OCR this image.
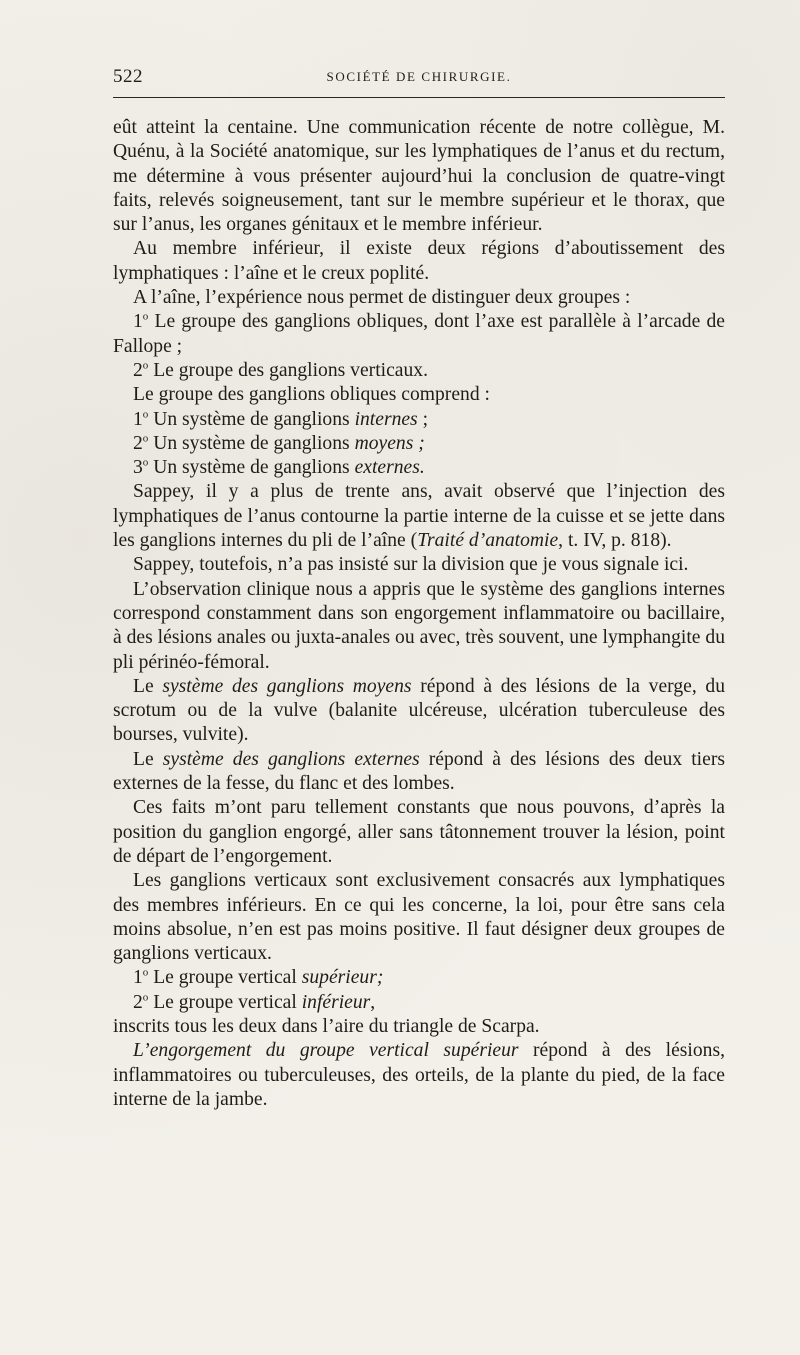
522	SOCIÉTÉ DE CHIRURGIE.

eût atteint la centaine. Une communication récente de notre collègue, M. Quénu, à la Société anatomique, sur les lymphatiques de l’anus et du rectum, me détermine à vous présenter aujourd’hui la conclusion de quatre-vingt faits, relevés soigneusement, tant sur le membre supérieur et le thorax, que sur l’anus, les organes génitaux et le membre inférieur.

Au membre inférieur, il existe deux régions d’aboutissement des lymphatiques : l’aîne et le creux poplité.

A l’aîne, l’expérience nous permet de distinguer deux groupes :

1$^o$ Le groupe des ganglions obliques, dont l’axe est parallèle à l’arcade de Fallope ;

2$^o$ Le groupe des ganglions verticaux.

Le groupe des ganglions obliques comprend :

1$^o$ Un système de ganglions internes ;

2$^o$ Un système de ganglions moyens ;

3$^o$ Un système de ganglions externes.

Sappey, il y a plus de trente ans, avait observé que l’injection des lymphatiques de l’anus contourne la partie interne de la cuisse et se jette dans les ganglions internes du pli de l’aîne (Traité d’anatomie, t. IV, p. 818).

Sappey, toutefois, n’a pas insisté sur la division que je vous signale ici.

L’observation clinique nous a appris que le système des ganglions internes correspond constamment dans son engorgement inflammatoire ou bacillaire, à des lésions anales ou juxta-anales ou avec, très souvent, une lymphangite du pli périnéo-fémoral.

Le système des ganglions moyens répond à des lésions de la verge, du scrotum ou de la vulve (balanite ulcéreuse, ulcération tuberculeuse des bourses, vulvite).

Le système des ganglions externes répond à des lésions des deux tiers externes de la fesse, du flanc et des lombes.

Ces faits m’ont paru tellement constants que nous pouvons, d’après la position du ganglion engorgé, aller sans tâtonnement trouver la lésion, point de départ de l’engorgement.

Les ganglions verticaux sont exclusivement consacrés aux lymphatiques des membres inférieurs. En ce qui les concerne, la loi, pour être sans cela moins absolue, n’en est pas moins positive. Il faut désigner deux groupes de ganglions verticaux.

1$^o$ Le groupe vertical supérieur;

2$^o$ Le groupe vertical inférieur,

inscrits tous les deux dans l’aire du triangle de Scarpa.

L’engorgement du groupe vertical supérieur répond à des lésions, inflammatoires ou tuberculeuses, des orteils, de la plante du pied, de la face interne de la jambe.
